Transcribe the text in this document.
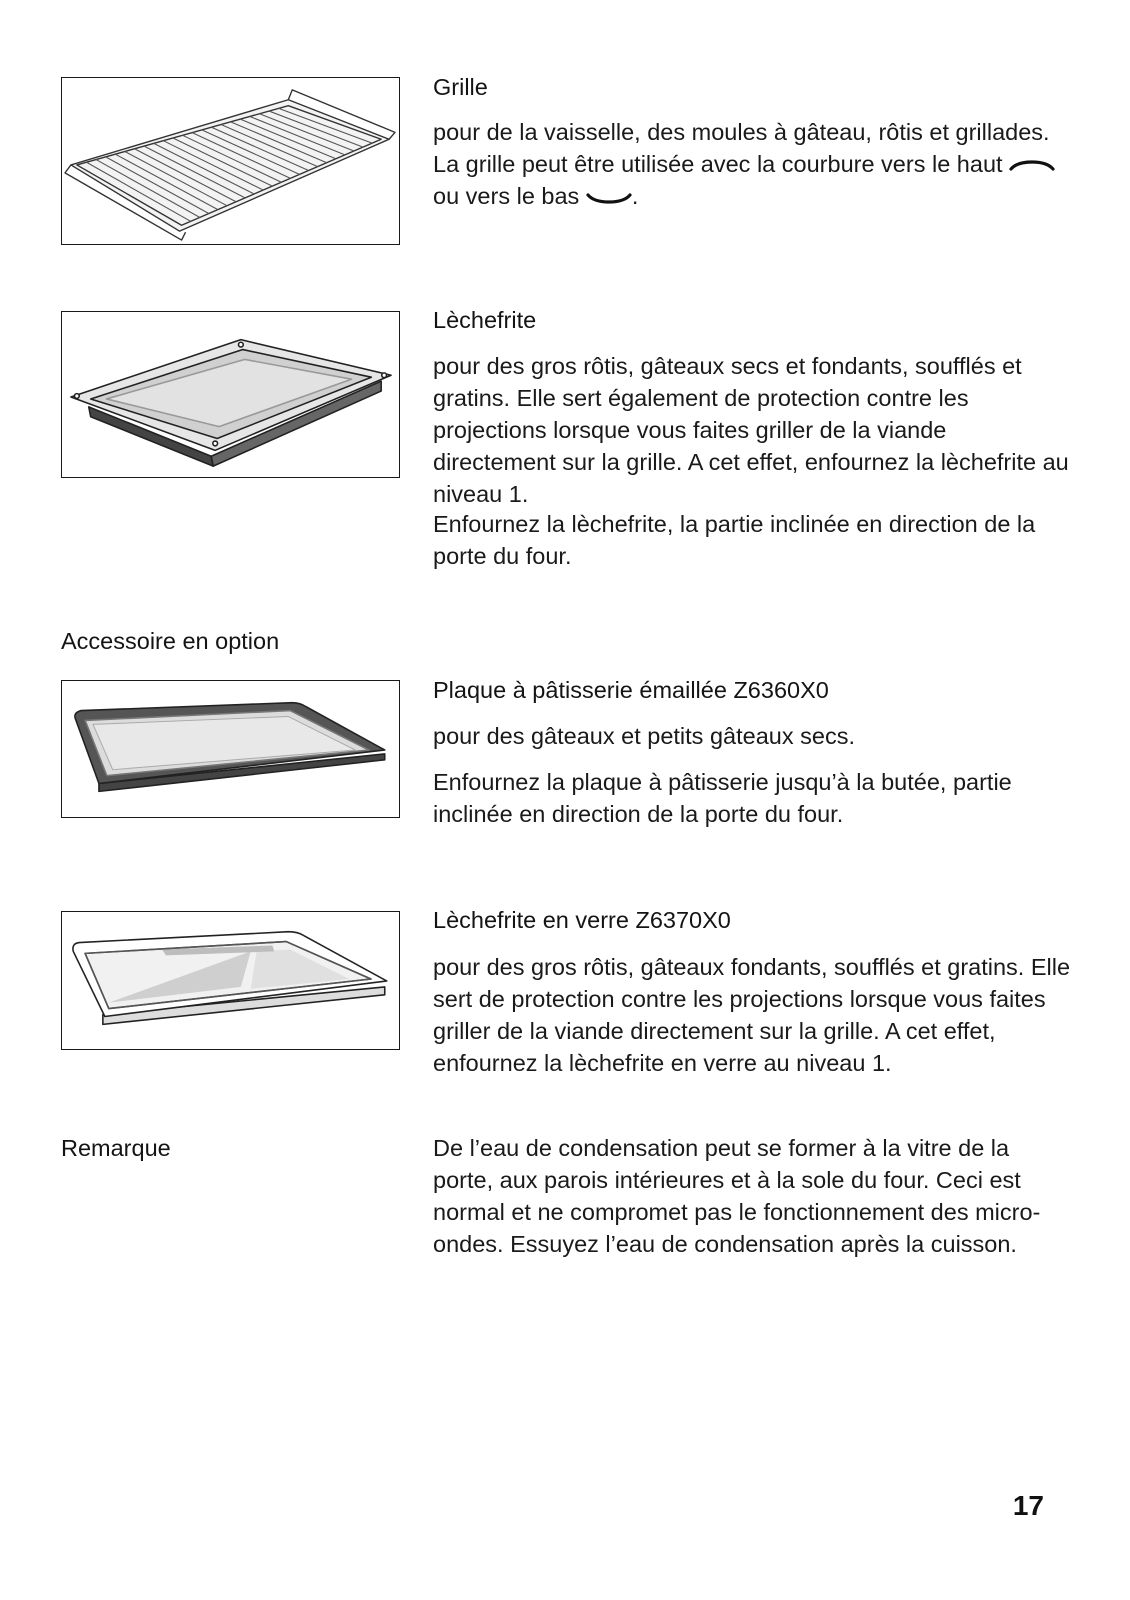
Grille

pour de la vaisselle, des moules à gâteau, rôtis et grillades. La grille peut être utilisée avec la courbure vers le haut  ou vers le bas .

Lèchefrite

pour des gros rôtis, gâteaux secs et fondants, soufflés et gratins. Elle sert également de protection contre les projections lorsque vous faites griller de la viande directement sur la grille. A cet effet, enfournez la lèchefrite au niveau 1.

Enfournez la lèchefrite, la partie inclinée en direction de la porte du four.

Accessoire en option

Plaque à pâtisserie émaillée Z6360X0

pour des gâteaux et petits gâteaux secs.

Enfournez la plaque à pâtisserie jusqu’à la butée, partie inclinée en direction de la porte du four.

Lèchefrite en verre Z6370X0

pour des gros rôtis, gâteaux fondants, soufflés et gratins. Elle sert de protection contre les projections lorsque vous faites griller de la viande directement sur la grille. A cet effet, enfournez la lèchefrite en verre au niveau 1.

Remarque	De l’eau de condensation peut se former à la vitre de la porte, aux parois intérieures et à la sole du four. Ceci est normal et ne compromet pas le fonctionnement des micro-ondes. Essuyez l’eau de condensation après la cuisson.

17
